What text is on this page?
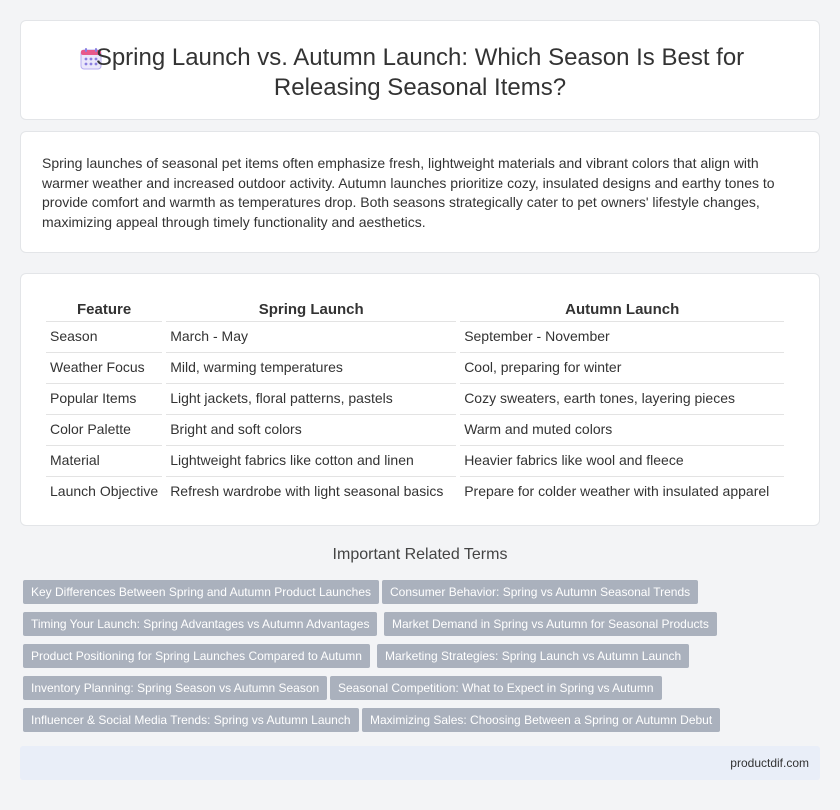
Spring Launch vs. Autumn Launch: Which Season Is Best for
Releasing Seasonal Items?

Spring launches of seasonal pet items often emphasize fresh, lightweight materials and vibrant colors that align with warmer weather and increased outdoor activity. Autumn launches prioritize cozy, insulated designs and earthy tones to provide comfort and warmth as temperatures drop. Both seasons strategically cater to pet owners' lifestyle changes, maximizing appeal through timely functionality and aesthetics.

Feature	Spring Launch	Autumn Launch
Season	March - May	September - November
Weather Focus	Mild, warming temperatures	Cool, preparing for winter
Popular Items	Light jackets, floral patterns, pastels	Cozy sweaters, earth tones, layering pieces
Color Palette	Bright and soft colors	Warm and muted colors
Material	Lightweight fabrics like cotton and linen	Heavier fabrics like wool and fleece
Launch Objective	Refresh wardrobe with light seasonal basics	Prepare for colder weather with insulated apparel
Important Related Terms
Key Differences Between Spring and Autumn Product Launches	Consumer Behavior: Spring vs Autumn Seasonal Trends
Timing Your Launch: Spring Advantages vs Autumn Advantages	Market Demand in Spring vs Autumn for Seasonal Products
Product Positioning for Spring Launches Compared to Autumn	Marketing Strategies: Spring Launch vs Autumn Launch
Inventory Planning: Spring Season vs Autumn Season	Seasonal Competition: What to Expect in Spring vs Autumn
Influencer & Social Media Trends: Spring vs Autumn Launch	Maximizing Sales: Choosing Between a Spring or Autumn Debut
productdif.com
